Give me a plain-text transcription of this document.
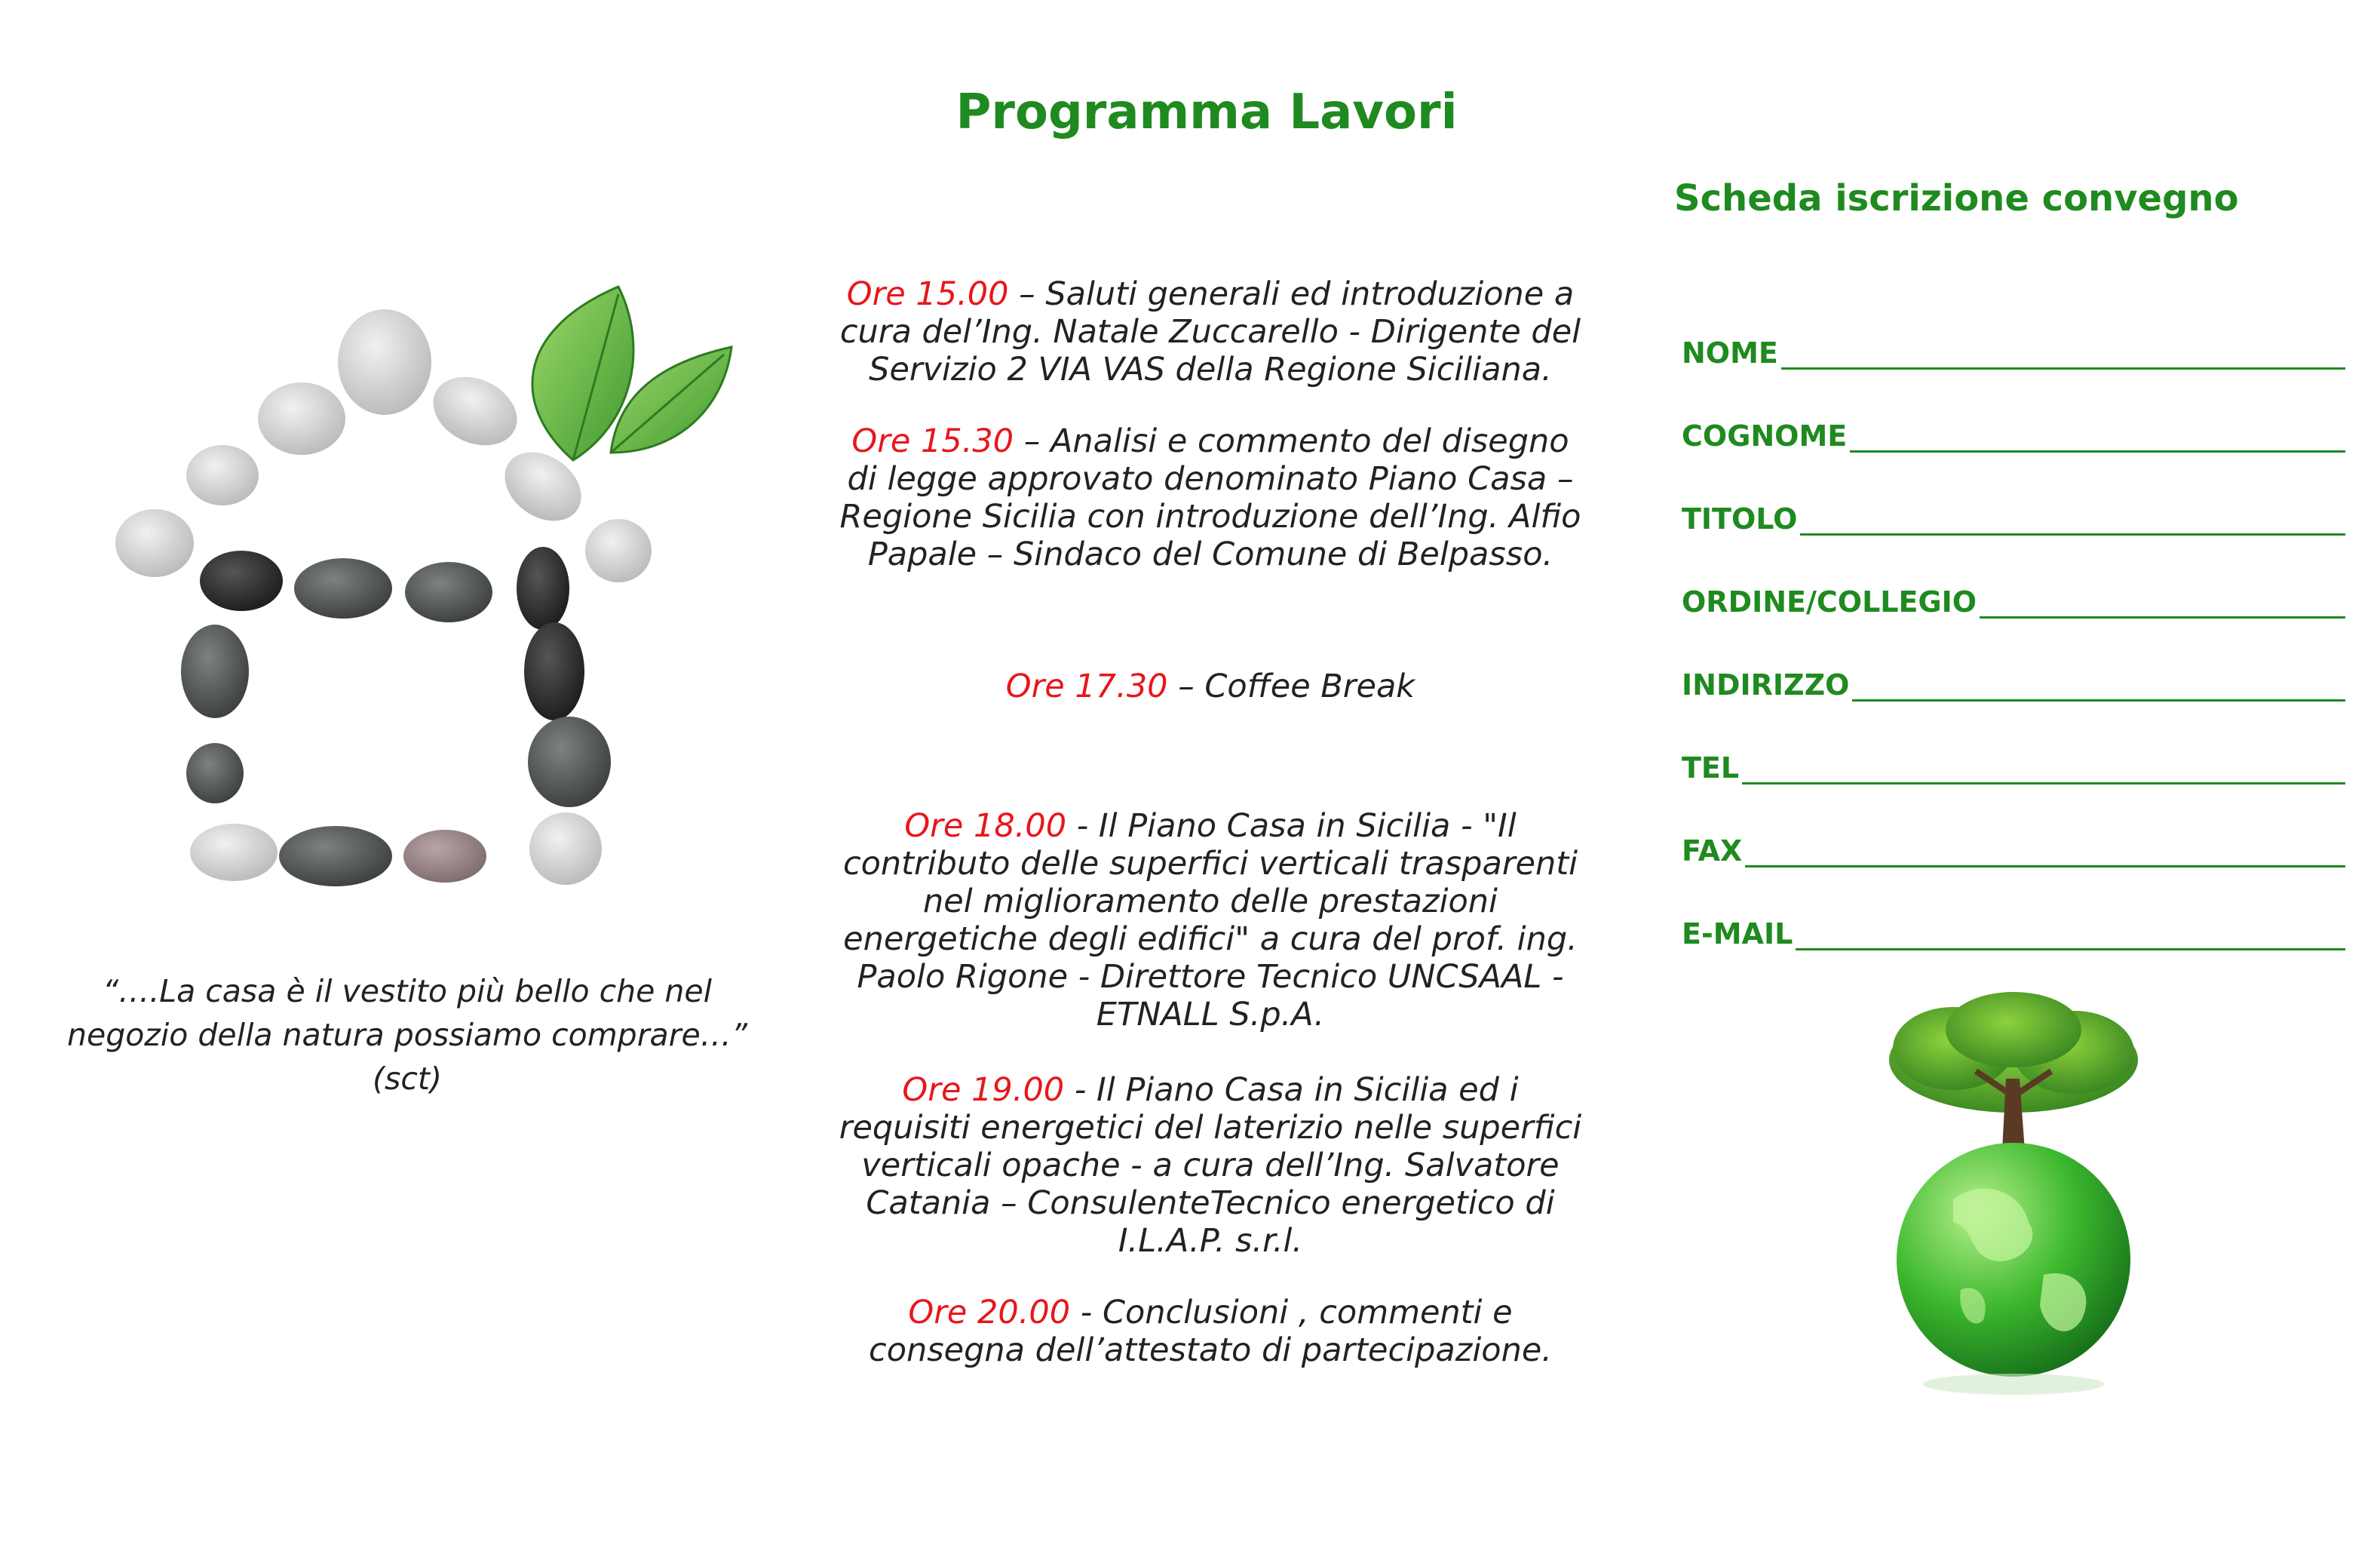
Programma Lavori
“….La casa è il vestito più bello che nel negozio della natura possiamo comprare…”
(sct)
Ore 15.00 – Saluti generali ed introduzione a cura del’Ing. Natale Zuccarello - Dirigente del Servizio 2 VIA VAS della Regione Siciliana.
Ore 15.30 – Analisi e commento del disegno di legge approvato denominato Piano Casa – Regione Sicilia con introduzione dell’Ing. Alfio Papale – Sindaco del Comune di Belpasso.
Ore 17.30 – Coffee Break
Ore 18.00 - Il Piano Casa in Sicilia - "Il contributo delle superfici verticali trasparenti nel miglioramento delle prestazioni energetiche degli edifici" a cura del prof. ing. Paolo Rigone - Direttore Tecnico UNCSAAL - ETNALL S.p.A.
Ore 19.00 - Il Piano Casa in Sicilia ed i requisiti energetici del laterizio nelle superfici verticali opache - a cura dell’Ing. Salvatore Catania – ConsulenteTecnico energetico di I.L.A.P. s.r.l.
Ore 20.00 - Conclusioni , commenti e consegna dell’attestato di partecipazione.
Scheda iscrizione convegno
NOME
COGNOME
TITOLO
ORDINE/COLLEGIO
INDIRIZZO
TEL
FAX
E-MAIL
